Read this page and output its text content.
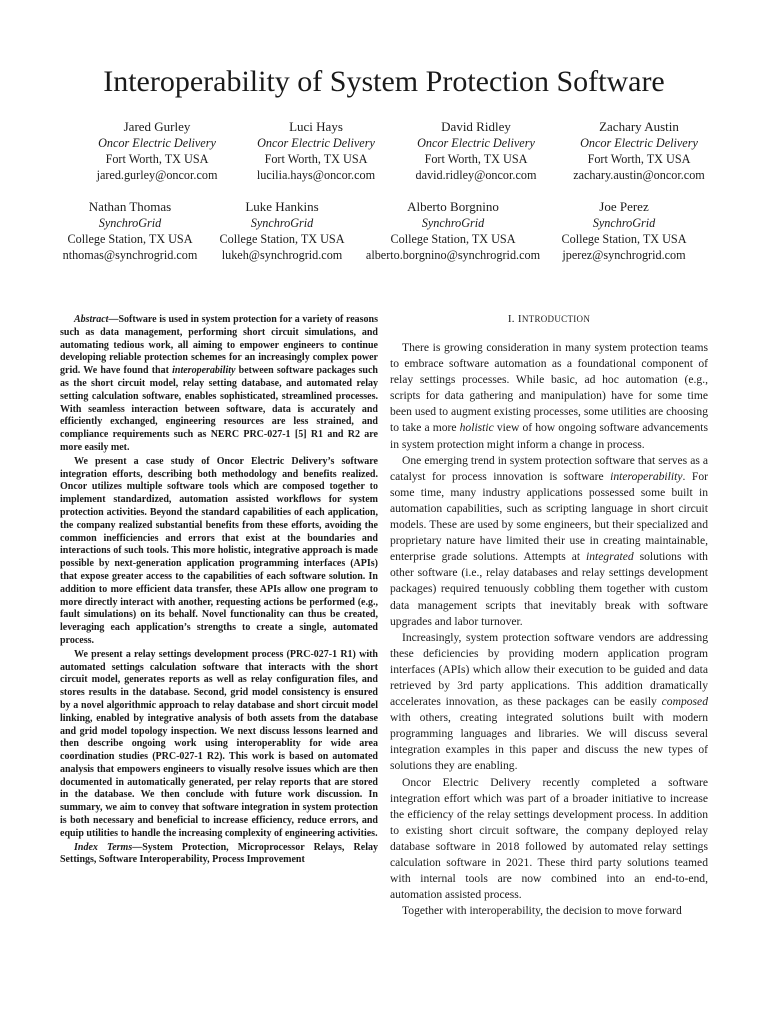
Interoperability of System Protection Software
Jared Gurley
Oncor Electric Delivery
Fort Worth, TX USA
jared.gurley@oncor.com
Luci Hays
Oncor Electric Delivery
Fort Worth, TX USA
lucilia.hays@oncor.com
David Ridley
Oncor Electric Delivery
Fort Worth, TX USA
david.ridley@oncor.com
Zachary Austin
Oncor Electric Delivery
Fort Worth, TX USA
zachary.austin@oncor.com
Nathan Thomas
SynchroGrid
College Station, TX USA
nthomas@synchrogrid.com
Luke Hankins
SynchroGrid
College Station, TX USA
lukeh@synchrogrid.com
Alberto Borgnino
SynchroGrid
College Station, TX USA
alberto.borgnino@synchrogrid.com
Joe Perez
SynchroGrid
College Station, TX USA
jperez@synchrogrid.com

Abstract—Software is used in system protection for a variety of reasons such as data management, performing short circuit simulations, and automating tedious work, all aiming to empower engineers to continue developing reliable protection schemes for an increasingly complex power grid. We have found that interoperability between software packages such as the short circuit model, relay setting database, and automated relay setting calculation software, enables sophisticated, streamlined processes. With seamless interaction between software, data is accurately and efficiently exchanged, engineering resources are less strained, and compliance requirements such as NERC PRC-027-1 [5] R1 and R2 are more easily met.

We present a case study of Oncor Electric Delivery’s software integration efforts, describing both methodology and benefits realized. Oncor utilizes multiple software tools which are composed together to implement standardized, automation assisted workflows for system protection activities. Beyond the standard capabilities of each application, the company realized substantial benefits from these efforts, avoiding the common inefficiencies and errors that exist at the boundaries and interactions of such tools. This more holistic, integrative approach is made possible by next-generation application programming interfaces (APIs) that expose greater access to the capabilities of each software solution. In addition to more efficient data transfer, these APIs allow one program to more directly interact with another, requesting actions be performed (e.g., fault simulations) on its behalf. Novel functionality can thus be created, leveraging each application’s strengths to create a single, automated process.

We present a relay settings development process (PRC-027-1 R1) with automated settings calculation software that interacts with the short circuit model, generates reports as well as relay configuration files, and stores results in the database. Second, grid model consistency is ensured by a novel algorithmic approach to relay database and short circuit model linking, enabled by integrative analysis of both assets from the database and grid model topology inspection. We next discuss lessons learned and then describe ongoing work using interoperablity for wide area coordination studies (PRC-027-1 R2). This work is based on automated analysis that empowers engineers to visually resolve issues which are then documented in automatically generated, per relay reports that are stored in the database. We then conclude with future work discussion. In summary, we aim to convey that software integration in system protection is both necessary and beneficial to increase efficiency, reduce errors, and equip utilities to handle the increasing complexity of engineering activities.

Index Terms—System Protection, Microprocessor Relays, Relay Settings, Software Interoperability, Process Improvement

I. INTRODUCTION

There is growing consideration in many system protection teams to embrace software automation as a foundational component of relay settings processes. While basic, ad hoc automation (e.g., scripts for data gathering and manipulation) have for some time been used to augment existing processes, some utilities are choosing to take a more holistic view of how ongoing software advancements in system protection might inform a change in process.

One emerging trend in system protection software that serves as a catalyst for process innovation is software interoperability. For some time, many industry applications possessed some built in automation capabilities, such as scripting language in short circuit models. These are used by some engineers, but their specialized and proprietary nature have limited their use in creating maintainable, enterprise grade solutions. Attempts at integrated solutions with other software (i.e., relay databases and relay settings development packages) required tenuously cobbling them together with custom data management scripts that inevitably break with software upgrades and labor turnover.

Increasingly, system protection software vendors are addressing these deficiencies by providing modern application program interfaces (APIs) which allow their execution to be guided and data retrieved by 3rd party applications. This addition dramatically accelerates innovation, as these packages can be easily composed with others, creating integrated solutions built with modern programming languages and libraries. We will discuss several integration examples in this paper and discuss the new types of solutions they are enabling.

Oncor Electric Delivery recently completed a software integration effort which was part of a broader initiative to increase the efficiency of the relay settings development process. In addition to existing short circuit software, the company deployed relay database software in 2018 followed by automated relay settings calculation software in 2021. These third party solutions teamed with internal tools are now combined into an end-to-end, automation assisted process.

Together with interoperability, the decision to move forward
